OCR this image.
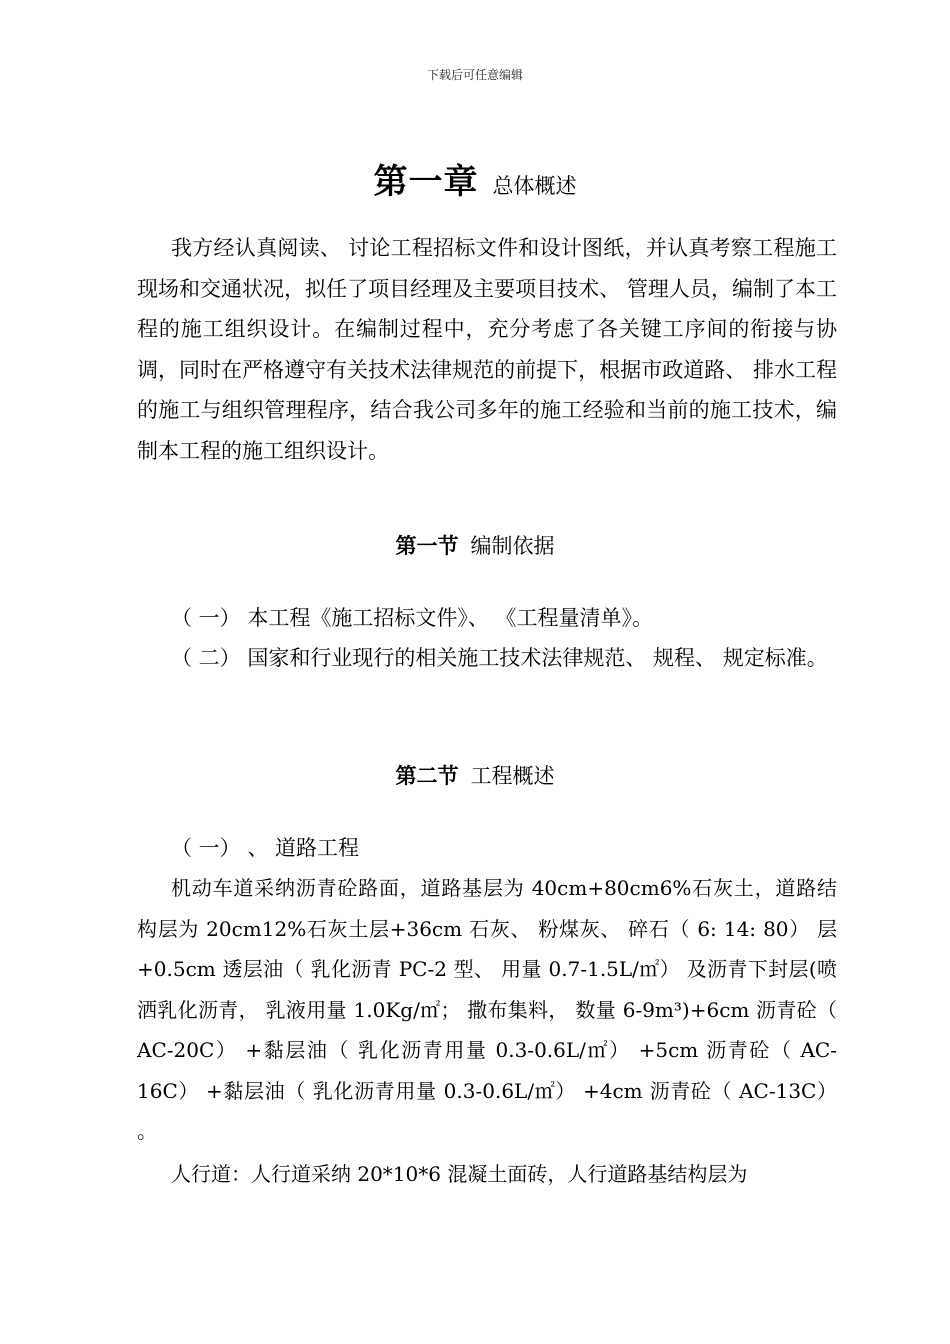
下载后可任意编辑
第一章 总体概述

我方经认真阅读、 讨论工程招标文件和设计图纸，并认真考察工程施工现场和交通状况，拟任了项目经理及主要项目技术、 管理人员，编制了本工程的施工组织设计。在编制过程中，充分考虑了各关键工序间的衔接与协调，同时在严格遵守有关技术法律规范的前提下，根据市政道路、 排水工程的施工与组织管理程序，结合我公司多年的施工经验和当前的施工技术，编制本工程的施工组织设计。

第一节 编制依据

（ 一） 本工程《施工招标文件》、 《工程量清单》。

（ 二） 国家和行业现行的相关施工技术法律规范、 规程、 规定标准。

第二节 工程概述

（ 一） 、 道路工程

机动车道采纳沥青砼路面，道路基层为 40cm+80cm6%石灰土，道路结构层为 20cm12%石灰土层+36cm 石灰、 粉煤灰、 碎石（ 6: 14: 80） 层+0.5cm 透层油（ 乳化沥青 PC-2 型、 用量 0.7-1.5L/㎡） 及沥青下封层(喷洒乳化沥青， 乳液用量 1.0Kg/㎡； 撒布集料， 数量 6-9m³)+6cm 沥青砼（ AC-20C） +黏层油（ 乳化沥青用量 0.3-0.6L/㎡） +5cm 沥青砼（ AC-16C） +黏层油（ 乳化沥青用量 0.3-0.6L/㎡） +4cm 沥青砼（ AC-13C） 。

人行道：人行道采纳 20*10*6 混凝土面砖，人行道路基结构层为
